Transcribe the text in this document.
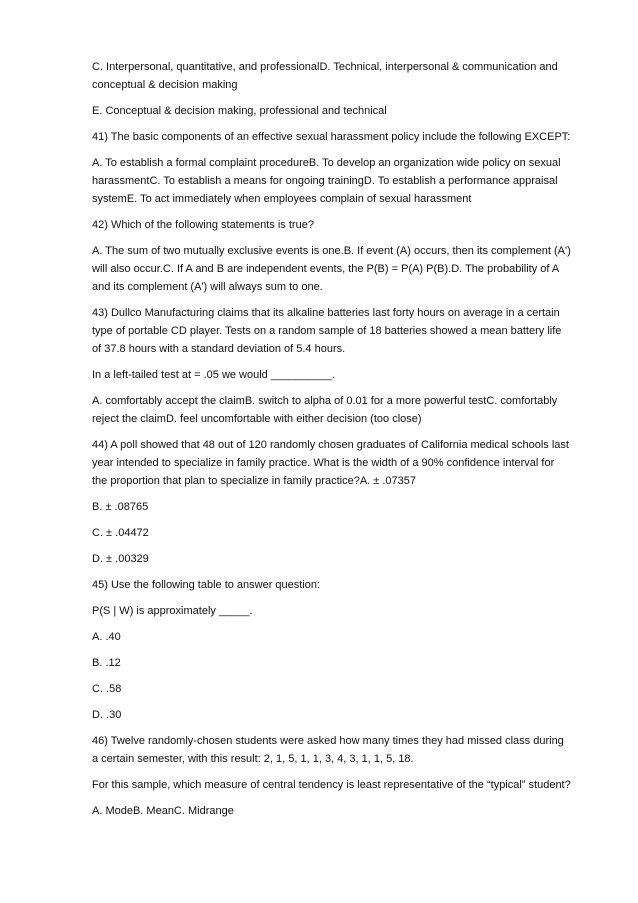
C. Interpersonal, quantitative, and professionalD. Technical, interpersonal & communication and conceptual & decision making

E. Conceptual & decision making, professional and technical

41) The basic components of an effective sexual harassment policy include the following EXCEPT:

A. To establish a formal complaint procedureB. To develop an organization wide policy on sexual harassmentC. To establish a means for ongoing trainingD. To establish a performance appraisal systemE. To act immediately when employees complain of sexual harassment

42) Which of the following statements is true?

A. The sum of two mutually exclusive events is one.B. If event (A) occurs, then its complement (A') will also occur.C. If A and B are independent events, the P(B) = P(A) P(B).D. The probability of A and its complement (A') will always sum to one.

43) Dullco Manufacturing claims that its alkaline batteries last forty hours on average in a certain type of portable CD player. Tests on a random sample of 18 batteries showed a mean battery life of 37.8 hours with a standard deviation of 5.4 hours.

In a left-tailed test at = .05 we would __________.

A. comfortably accept the claimB. switch to alpha of 0.01 for a more powerful testC. comfortably reject the claimD. feel uncomfortable with either decision (too close)

44) A poll showed that 48 out of 120 randomly chosen graduates of California medical schools last year intended to specialize in family practice. What is the width of a 90% confidence interval for the proportion that plan to specialize in family practice?A. ± .07357

B. ± .08765

C. ± .04472

D. ± .00329

45) Use the following table to answer question:

P(S | W) is approximately _____.

A. .40

B. .12

C. .58

D. .30

46) Twelve randomly-chosen students were asked how many times they had missed class during a certain semester, with this result: 2, 1, 5, 1, 1, 3, 4, 3, 1, 1, 5, 18.

For this sample, which measure of central tendency is least representative of the “typical” student?

A. ModeB. MeanC. Midrange
